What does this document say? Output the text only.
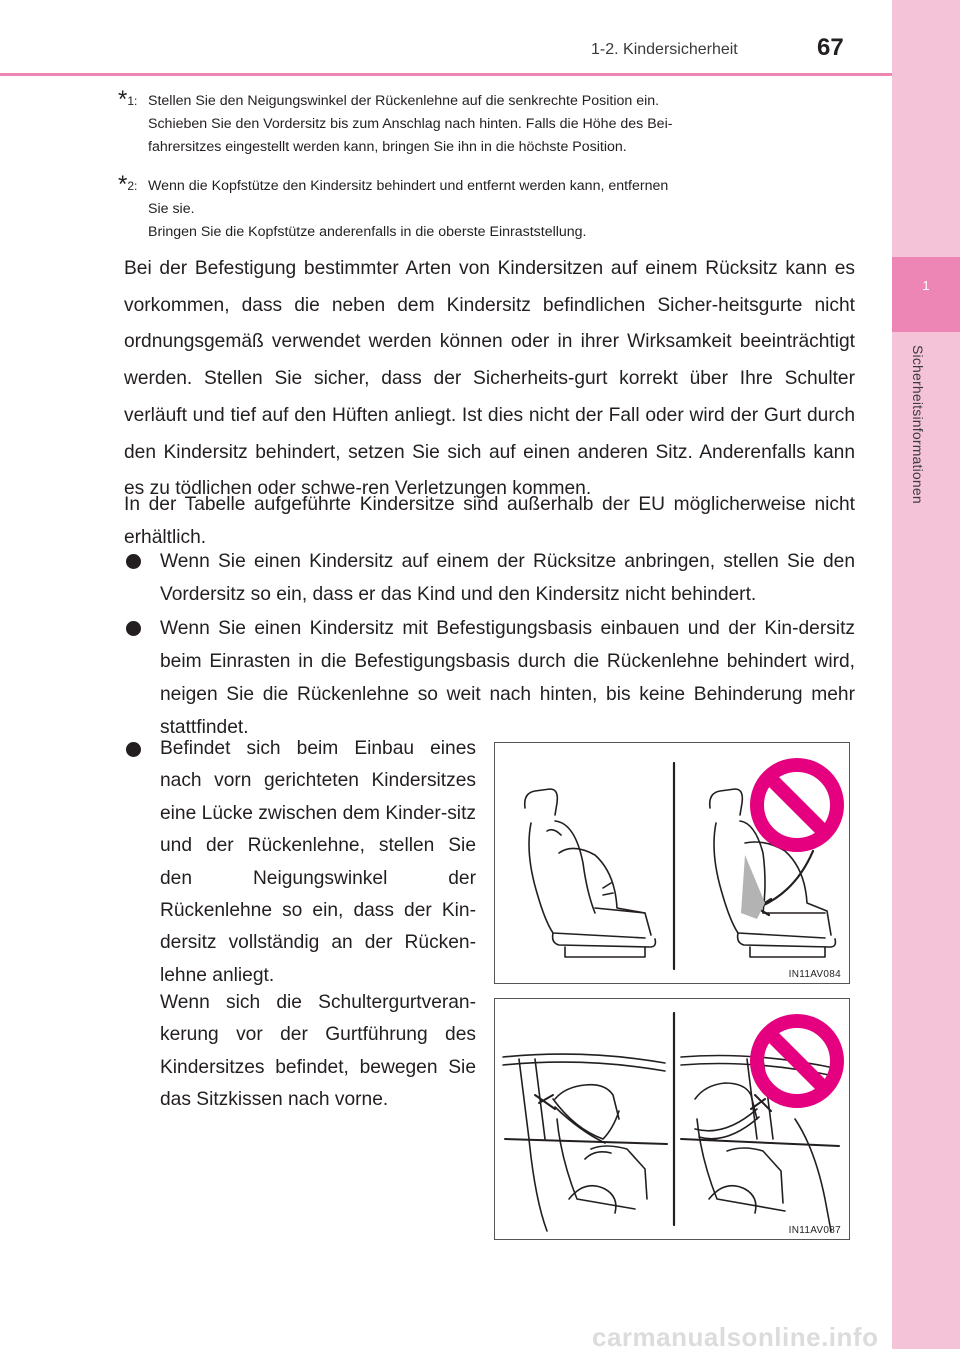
1
Sicherheitsinformationen
1-2. Kindersicherheit	67
*1: Stellen Sie den Neigungswinkel der Rückenlehne auf die senkrechte Position ein.
Schieben Sie den Vordersitz bis zum Anschlag nach hinten. Falls die Höhe des Bei-
fahrersitzes eingestellt werden kann, bringen Sie ihn in die höchste Position.
*2: Wenn die Kopfstütze den Kindersitz behindert und entfernt werden kann, entfernen
Sie sie.
Bringen Sie die Kopfstütze anderenfalls in die oberste Einraststellung.
Bei der Befestigung bestimmter Arten von Kindersitzen auf einem Rücksitz kann es vorkommen, dass die neben dem Kindersitz befindlichen Sicher-heitsgurte nicht ordnungsgemäß verwendet werden können oder in ihrer Wirksamkeit beeinträchtigt werden. Stellen Sie sicher, dass der Sicherheits-gurt korrekt über Ihre Schulter verläuft und tief auf den Hüften anliegt. Ist dies nicht der Fall oder wird der Gurt durch den Kindersitz behindert, setzen Sie sich auf einen anderen Sitz. Anderenfalls kann es zu tödlichen oder schwe-ren Verletzungen kommen.
In der Tabelle aufgeführte Kindersitze sind außerhalb der EU möglicherweise nicht erhältlich.
Wenn Sie einen Kindersitz auf einem der Rücksitze anbringen, stellen Sie den Vordersitz so ein, dass er das Kind und den Kindersitz nicht behindert.
Wenn Sie einen Kindersitz mit Befestigungsbasis einbauen und der Kin-dersitz beim Einrasten in die Befestigungsbasis durch die Rückenlehne behindert wird, neigen Sie die Rückenlehne so weit nach hinten, bis keine Behinderung mehr stattfindet.
Befindet sich beim Einbau eines nach vorn gerichteten Kindersitzes eine Lücke zwischen dem Kinder-sitz und der Rückenlehne, stellen Sie den Neigungswinkel der Rückenlehne so ein, dass der Kin-dersitz vollständig an der Rücken-lehne anliegt.
Wenn sich die Schultergurtveran-kerung vor der Gurtführung des Kindersitzes befindet, bewegen Sie das Sitzkissen nach vorne.
IN11AV084
IN11AV087
carmanualsonline.info
